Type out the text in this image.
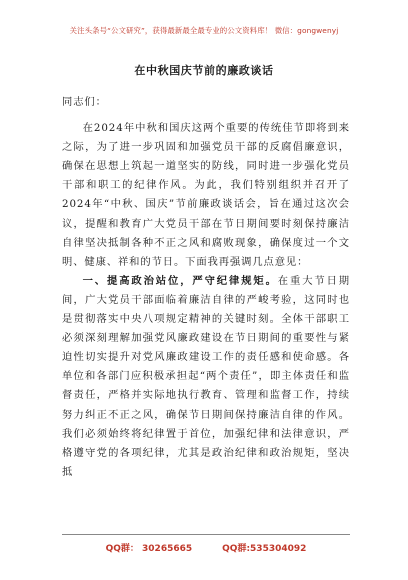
关注头条号“公文研究”，获得最新最全最专业的公文资料库！ 微信：gongwenyj
在中秋国庆节前的廉政谈话

同志们：

在2024年中秋和国庆这两个重要的传统佳节即将到来之际，为了进一步巩固和加强党员干部的反腐倡廉意识，确保在思想上筑起一道坚实的防线，同时进一步强化党员干部和职工的纪律作风。为此，我们特别组织并召开了2024年“中秋、国庆”节前廉政谈话会，旨在通过这次会议，提醒和教育广大党员干部在节日期间要时刻保持廉洁自律坚决抵制各种不正之风和腐败现象，确保度过一个文明、健康、祥和的节日。下面我再强调几点意见：

一、提高政治站位，严守纪律规矩。在重大节日期间，广大党员干部面临着廉洁自律的严峻考验，这同时也是贯彻落实中央八项规定精神的关键时刻。全体干部职工必须深刻理解加强党风廉政建设在节日期间的重要性与紧迫性切实提升对党风廉政建设工作的责任感和使命感。各单位和各部门应积极承担起“两个责任”，即主体责任和监督责任，严格并实际地执行教育、管理和监督工作，持续努力纠正不正之风，确保节日期间保持廉洁自律的作风。我们必须始终将纪律置于首位，加强纪律和法律意识，严格遵守党的各项纪律，尤其是政治纪律和政治规矩，坚决抵

QQ群： 30265665	QQ群:535304092
